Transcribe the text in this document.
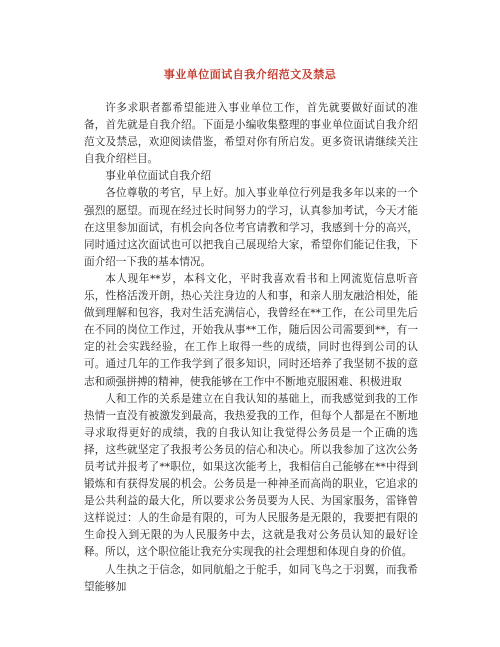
事业单位面试自我介绍范文及禁忌

许多求职者都希望能进入事业单位工作，首先就要做好面试的准备，首先就是自我介绍。下面是小编收集整理的事业单位面试自我介绍范文及禁忌，欢迎阅读借鉴，希望对你有所启发。更多资讯请继续关注自我介绍栏目。

事业单位面试自我介绍

各位尊敬的考官，早上好。加入事业单位行列是我多年以来的一个强烈的愿望。而现在经过长时间努力的学习，认真参加考试，今天才能在这里参加面试，有机会向各位考官请教和学习，我感到十分的高兴，同时通过这次面试也可以把我自己展现给大家，希望你们能记住我，下面介绍一下我的基本情况。

本人现年**岁，本科文化，平时我喜欢看书和上网流览信息听音乐，性格活泼开朗，热心关注身边的人和事，和亲人朋友融洽相处，能做到理解和包容，我对生活充满信心，我曾经在**工作，在公司里先后在不同的岗位工作过，开始我从事**工作，随后因公司需要到**，有一定的社会实践经验，在工作上取得一些的成绩，同时也得到公司的认可。通过几年的工作我学到了很多知识，同时还培养了我坚韧不拔的意志和顽强拼搏的精神，使我能够在工作中不断地克服困难、积极进取

人和工作的关系是建立在自我认知的基础上，而我感觉到我的工作热情一直没有被激发到最高，我热爱我的工作，但每个人都是在不断地寻求取得更好的成绩，我的自我认知让我觉得公务员是一个正确的选择，这些就坚定了我报考公务员的信心和决心。所以我参加了这次公务员考试并报考了**职位，如果这次能考上，我相信自己能够在**中得到锻炼和有获得发展的机会。公务员是一种神圣而高尚的职业，它追求的是公共利益的最大化，所以要求公务员要为人民、为国家服务，雷锋曾这样说过：人的生命是有限的，可为人民服务是无限的，我要把有限的生命投入到无限的为人民服务中去，这就是我对公务员认知的最好诠释。所以，这个职位能让我充分实现我的社会理想和体现自身的价值。

人生执之于信念，如同航船之于舵手，如同飞鸟之于羽翼，而我希望能够加
